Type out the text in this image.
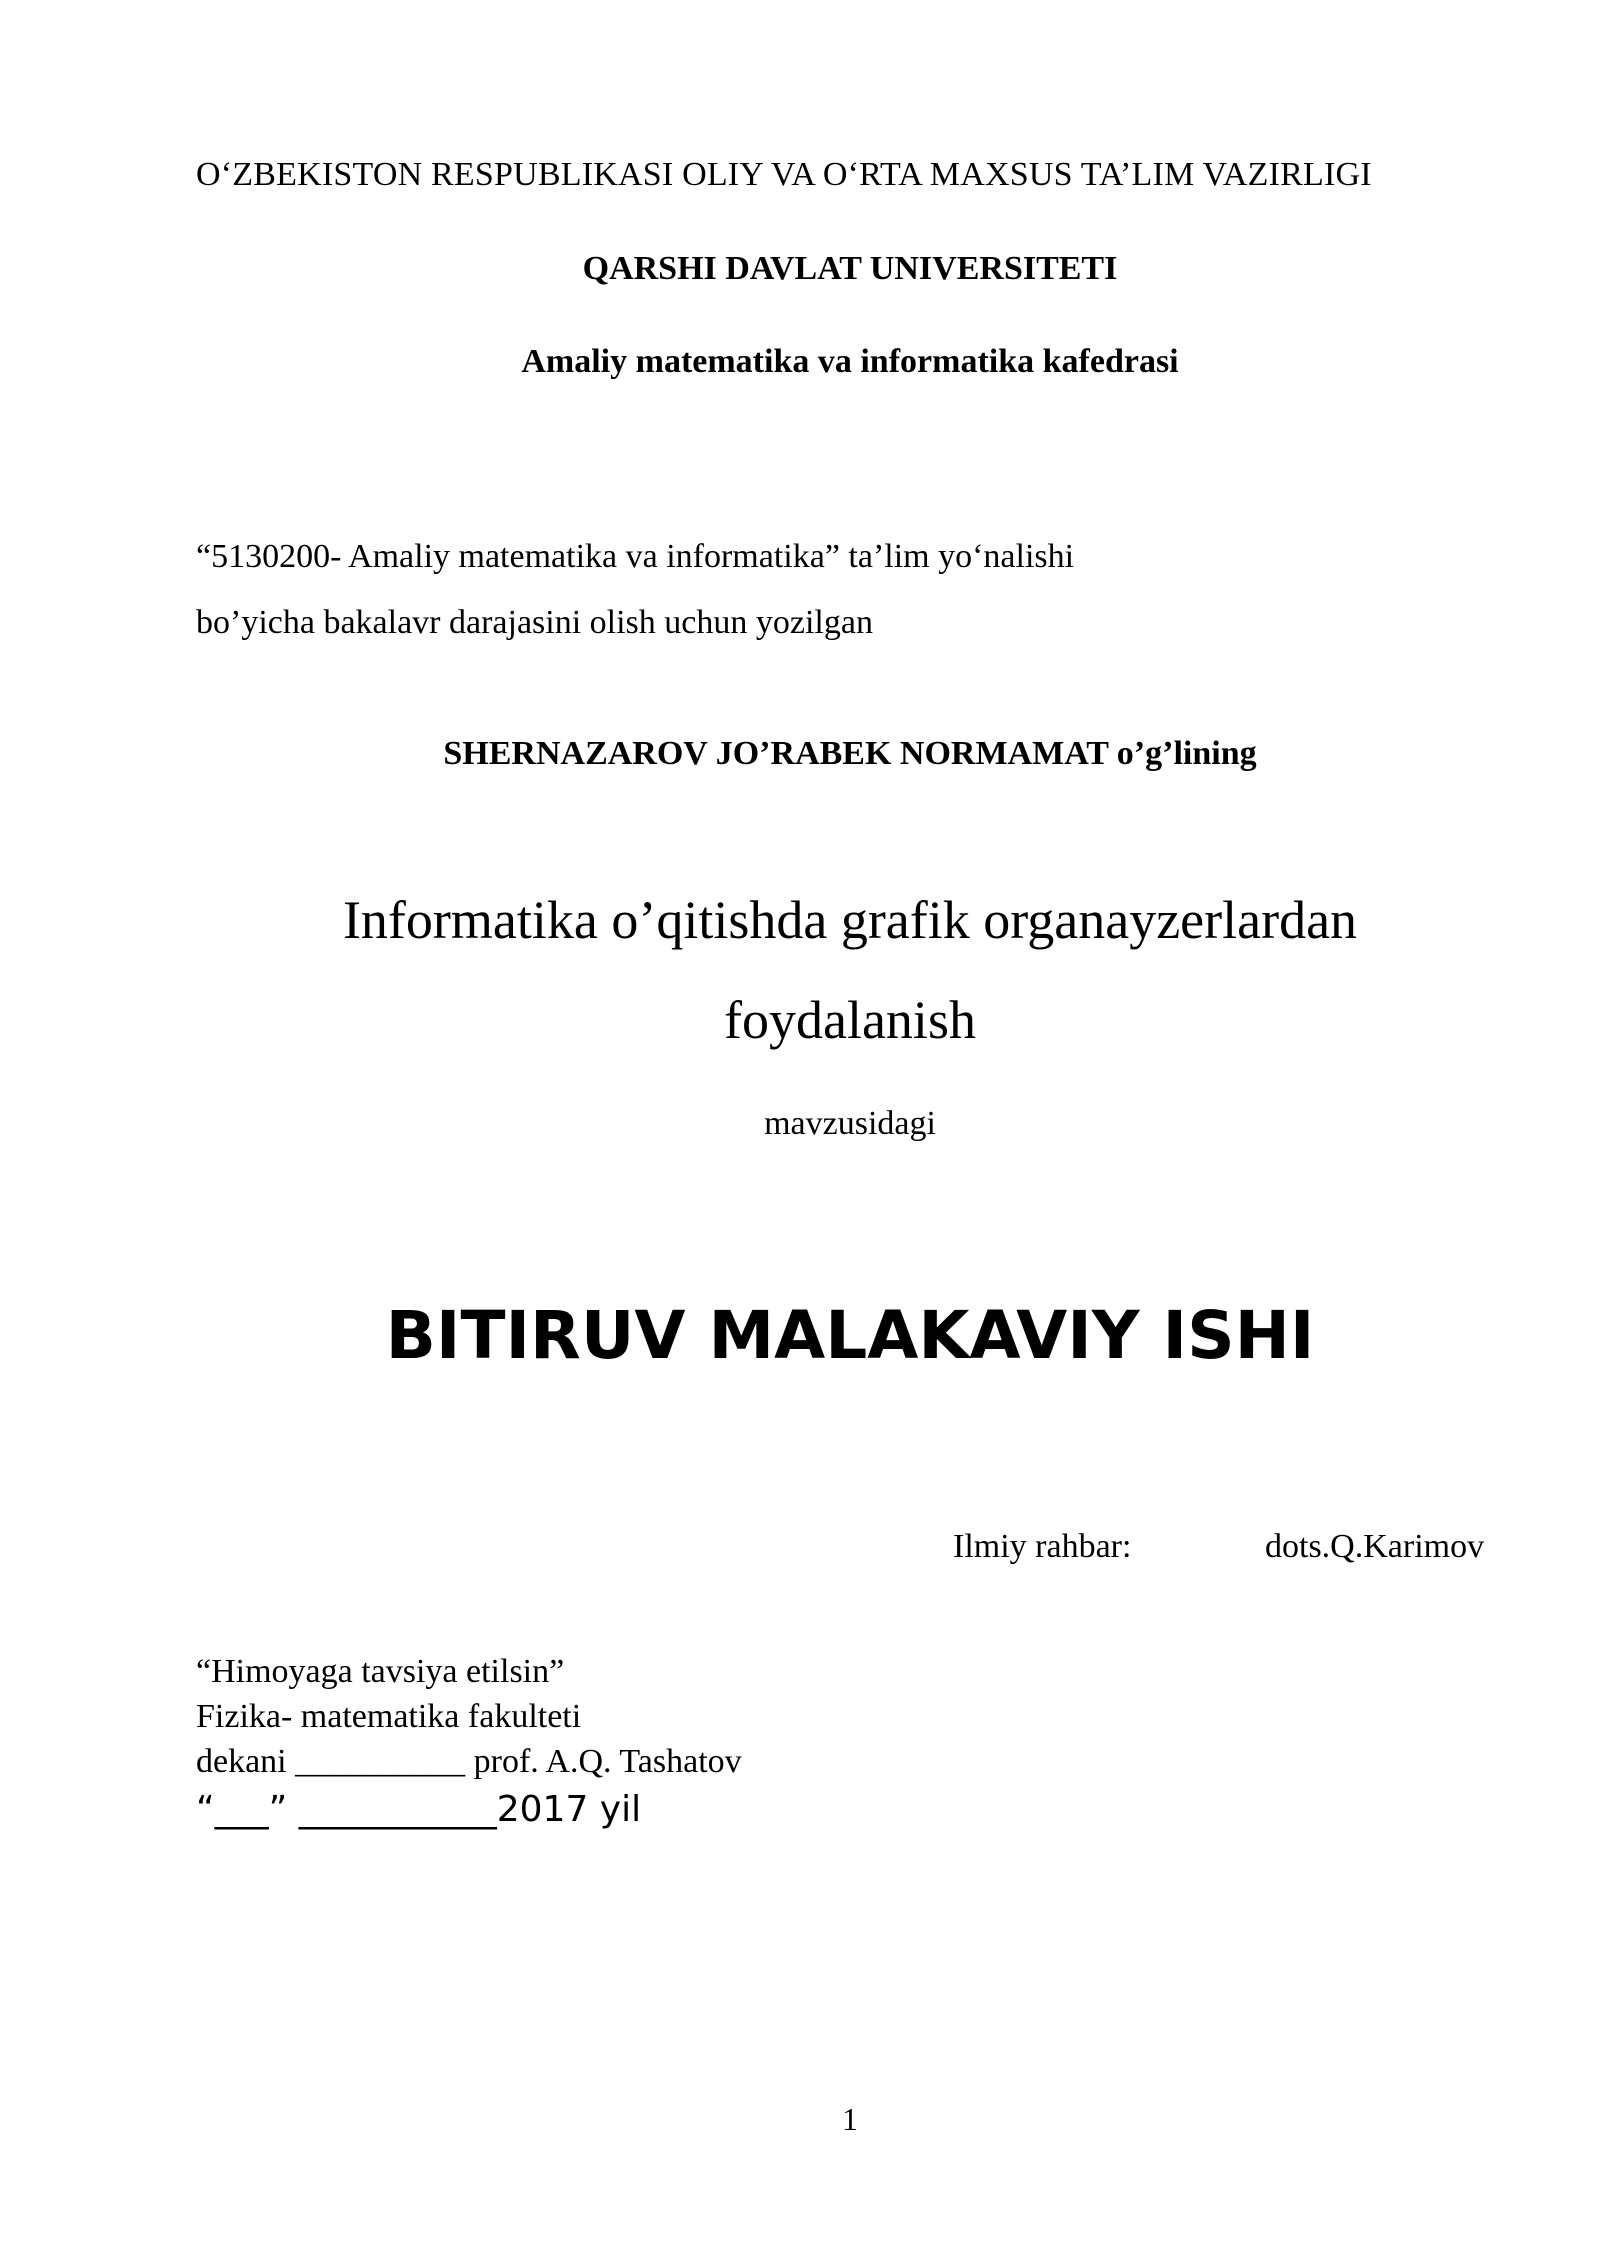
O‘ZBEKISTON RESPUBLIKASI OLIY VA O‘RTA MAXSUS TA’LIM VAZIRLIGI
QARSHI DAVLAT UNIVERSITETI
Amaliy matematika va informatika kafedrasi
“5130200- Amaliy matematika va informatika” ta’lim yo‘nalishi
bo’yicha bakalavr darajasini olish uchun yozilgan
SHERNAZAROV JO’RABEK NORMAMAT o’g’lining
Informatika o’qitishda grafik organayzerlardan foydalanish
mavzusidagi
BITIRUV MALAKAVIY ISHI
Ilmiy rahbar:	dots.Q.Karimov
“Himoyaga tavsiya etilsin”
Fizika- matematika fakulteti
dekani __________ prof. A.Q. Tashatov
“___” ___________2017 yil
1
